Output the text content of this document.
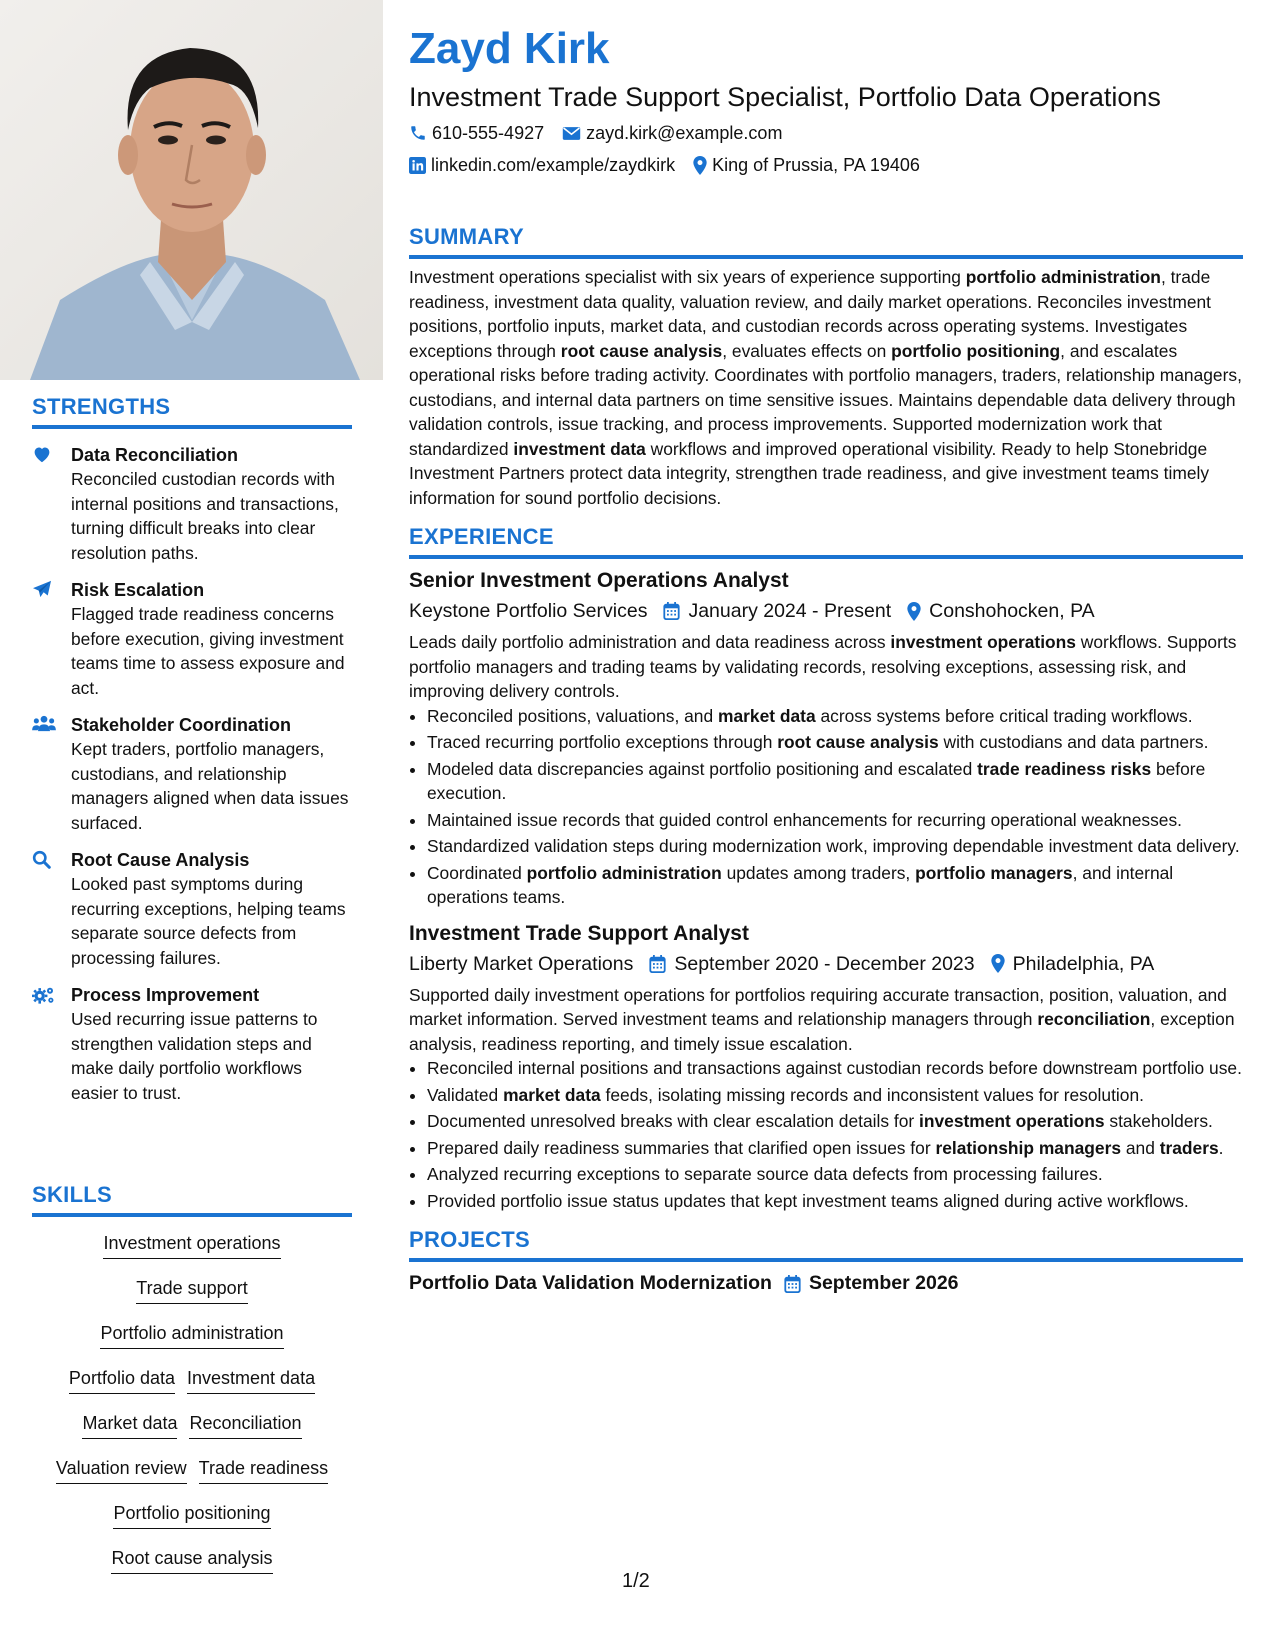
STRENGTHS
Data Reconciliation
Reconciled custodian records with internal positions and transactions, turning difficult breaks into clear resolution paths.
Risk Escalation
Flagged trade readiness concerns before execution, giving investment teams time to assess exposure and act.
Stakeholder Coordination
Kept traders, portfolio managers, custodians, and relationship managers aligned when data issues surfaced.
Root Cause Analysis
Looked past symptoms during recurring exceptions, helping teams separate source defects from processing failures.
Process Improvement
Used recurring issue patterns to strengthen validation steps and make daily portfolio workflows easier to trust.
SKILLS
Investment operations
Trade support
Portfolio administration
Portfolio data Investment data
Market data Reconciliation
Valuation review Trade readiness
Portfolio positioning
Root cause analysis
Zayd Kirk
Investment Trade Support Specialist, Portfolio Data Operations
610-555-4927 zayd.kirk@example.com
linkedin.com/example/zaydkirk King of Prussia, PA 19406
SUMMARY
Investment operations specialist with six years of experience supporting portfolio administration, trade readiness, investment data quality, valuation review, and daily market operations. Reconciles investment positions, portfolio inputs, market data, and custodian records across operating systems. Investigates exceptions through root cause analysis, evaluates effects on portfolio positioning, and escalates operational risks before trading activity. Coordinates with portfolio managers, traders, relationship managers, custodians, and internal data partners on time sensitive issues. Maintains dependable data delivery through validation controls, issue tracking, and process improvements. Supported modernization work that standardized investment data workflows and improved operational visibility. Ready to help Stonebridge Investment Partners protect data integrity, strengthen trade readiness, and give investment teams timely information for sound portfolio decisions.
EXPERIENCE
Senior Investment Operations Analyst
Keystone Portfolio Services January 2024 - Present Conshohocken, PA
Leads daily portfolio administration and data readiness across investment operations workflows. Supports portfolio managers and trading teams by validating records, resolving exceptions, assessing risk, and improving delivery controls.
• Reconciled positions, valuations, and market data across systems before critical trading workflows.
• Traced recurring portfolio exceptions through root cause analysis with custodians and data partners.
• Modeled data discrepancies against portfolio positioning and escalated trade readiness risks before execution.
• Maintained issue records that guided control enhancements for recurring operational weaknesses.
• Standardized validation steps during modernization work, improving dependable investment data delivery.
• Coordinated portfolio administration updates among traders, portfolio managers, and internal operations teams.
Investment Trade Support Analyst
Liberty Market Operations September 2020 - December 2023 Philadelphia, PA
Supported daily investment operations for portfolios requiring accurate transaction, position, valuation, and market information. Served investment teams and relationship managers through reconciliation, exception analysis, readiness reporting, and timely issue escalation.
• Reconciled internal positions and transactions against custodian records before downstream portfolio use.
• Validated market data feeds, isolating missing records and inconsistent values for resolution.
• Documented unresolved breaks with clear escalation details for investment operations stakeholders.
• Prepared daily readiness summaries that clarified open issues for relationship managers and traders.
• Analyzed recurring exceptions to separate source data defects from processing failures.
• Provided portfolio issue status updates that kept investment teams aligned during active workflows.
PROJECTS
Portfolio Data Validation Modernization September 2026
1/2
